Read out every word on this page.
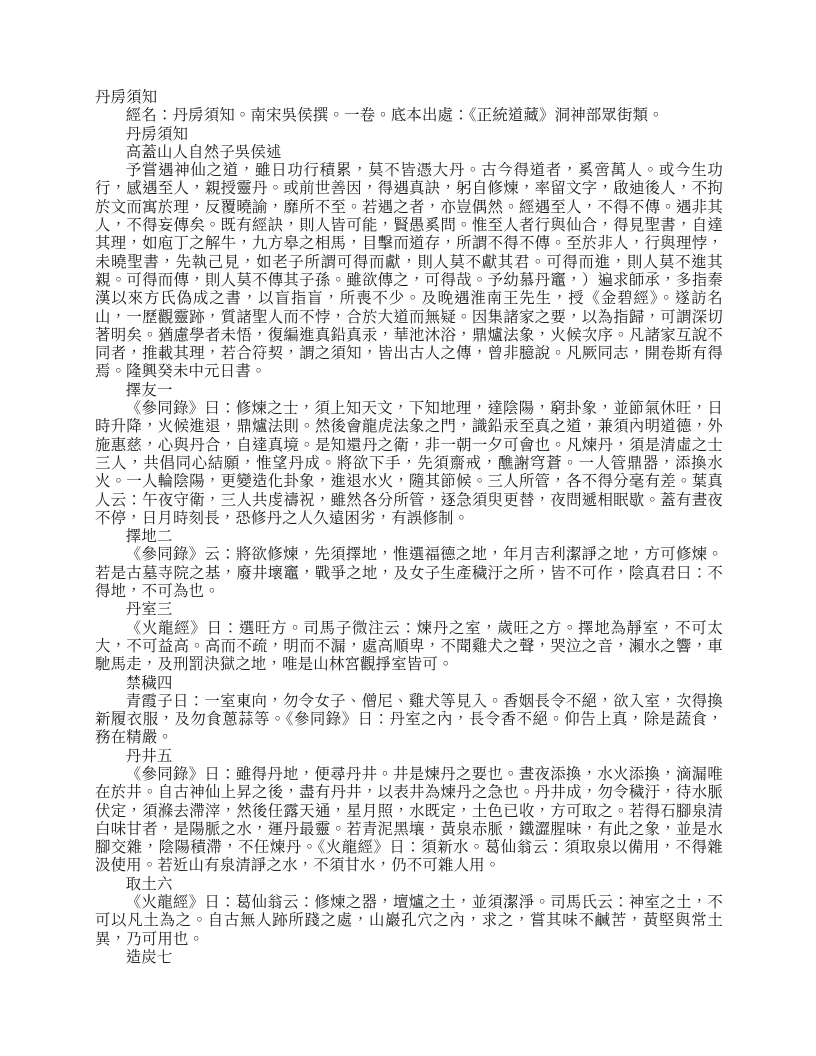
丹房須知

經名：丹房須知。南宋吳侯撰。一卷。底本出處：《正統道藏》洞神部眾街類。

丹房須知

高蓋山人自然子吳侯述

予嘗遇神仙之道，雖日功行積累，莫不皆憑大丹。古今得道者，奚啻萬人。或今生功行，感遇至人，親授靈丹。或前世善因，得遇真訣，躬自修煉，率留文字，啟迪後人，不拘於文而寓於理，反覆曉諭，靡所不至。若遇之者，亦豈偶然。經遇至人，不得不傳。遇非其人，不得妄傳矣。既有經訣，則人皆可能，賢愚奚問。惟至人者行與仙合，得見聖書，自達其理，如庖丁之解牛，九方皋之相馬，目擊而道存，所謂不得不傳。至於非人，行與理悖，未曉聖書，先執己見，如老子所謂可得而獻，則人莫不獻其君。可得而進，則人莫不進其親。可得而傳，則人莫不傳其子孫。雖欲傳之，可得哉。予幼慕丹竈，）遍求師承，多指秦漢以來方氏偽成之書，以盲指盲，所喪不少。及晚遇淮南王先生，授《金碧經》。遂訪名山，一歷觀靈跡，質諸聖人而不悖，合於大道而無疑。因集諸家之要，以為指歸，可謂深切著明矣。猶慮學者未悟，復編進真鉛真汞，華池沐浴，鼎爐法象，火候次序。凡諸家互說不同者，推載其理，若合符契，謂之須知，皆出古人之傳，曾非臆說。凡厥同志，開卷斯有得焉。隆興癸未中元日書。

擇友一

《參同錄》曰：修煉之士，須上知天文，下知地理，達陰陽，窮卦象，並節氣休旺，日時升降，火候進退，鼎爐法則。然後會龍虎法象之門，識鉛汞至真之道，兼須內明道德，外施惠慈，心與丹合，自達真境。是知還丹之衛，非一朝一夕可會也。凡煉丹，須是清虛之士三人，共倡同心結願，惟望丹成。將欲下手，先須齋戒，醮謝穹蒼。一人管鼎器，添換水火。一人輪陰陽，更變造化卦象，進退水火，隨其節候。三人所管，各不得分毫有差。葉真人云：午夜守衛，三人共虔禱祝，雖然各分所管，逐急須臾更替，夜問遞相眠歇。蓋有晝夜不停，日月時刻長，恐修丹之人久遠困劣，有誤修制。

擇地二

《參同錄》云：將欲修煉，先須擇地，惟選福德之地，年月吉利潔諍之地，方可修煉。若是古墓寺院之基，廢井壞竈，戰爭之地，及女子生產穢汙之所，皆不可作，陰真君曰：不得地，不可為也。

丹室三

《火龍經》日：選旺方。司馬子微注云：煉丹之室，歲旺之方。擇地為靜室，不可太大，不可益高。高而不疏，明而不漏，處高順卑，不聞雞犬之聲，哭泣之音，瀨水之響，車馳馬走，及刑罰決獄之地，唯是山林宮觀掙室皆可。

禁穢四

青霞子日：一室東向，勿令女子、僧尼、雞犬等見入。香姻長令不絕，欲入室，次得換新履衣服，及勿食蔥蒜等。《參同錄》日：丹室之內，長令香不絕。仰告上真，除是蔬食，務在精嚴。

丹井五

《參同錄》日：雖得丹地，便尋丹井。井是煉丹之要也。晝夜添換，水火添換，滴漏唯在於井。自古神仙上昇之後，盡有丹井，以表井為煉丹之急也。丹井成，勿令穢汙，待水脈伏定，須滌去滯滓，然後任露天通，星月照，水既定，土色已收，方可取之。若得石腳泉清白味甘者，是陽脈之水，運丹最靈。若青泥黑壤，黃泉赤脈，鐵澀腥味，有此之象，並是水腳交雜，陰陽積滯，不任煉丹。《火龍經》日：須新水。葛仙翁云：須取泉以備用，不得雜汲使用。若近山有泉清諍之水，不須甘水，仍不可雜人用。

取土六

《火龍經》日：葛仙翁云：修煉之器，壇爐之土，並須潔淨。司馬氏云：神室之土，不可以凡土為之。自古無人跡所踐之處，山巖孔穴之內，求之，嘗其味不鹹苦，黃堅與常土異，乃可用也。

造炭七
